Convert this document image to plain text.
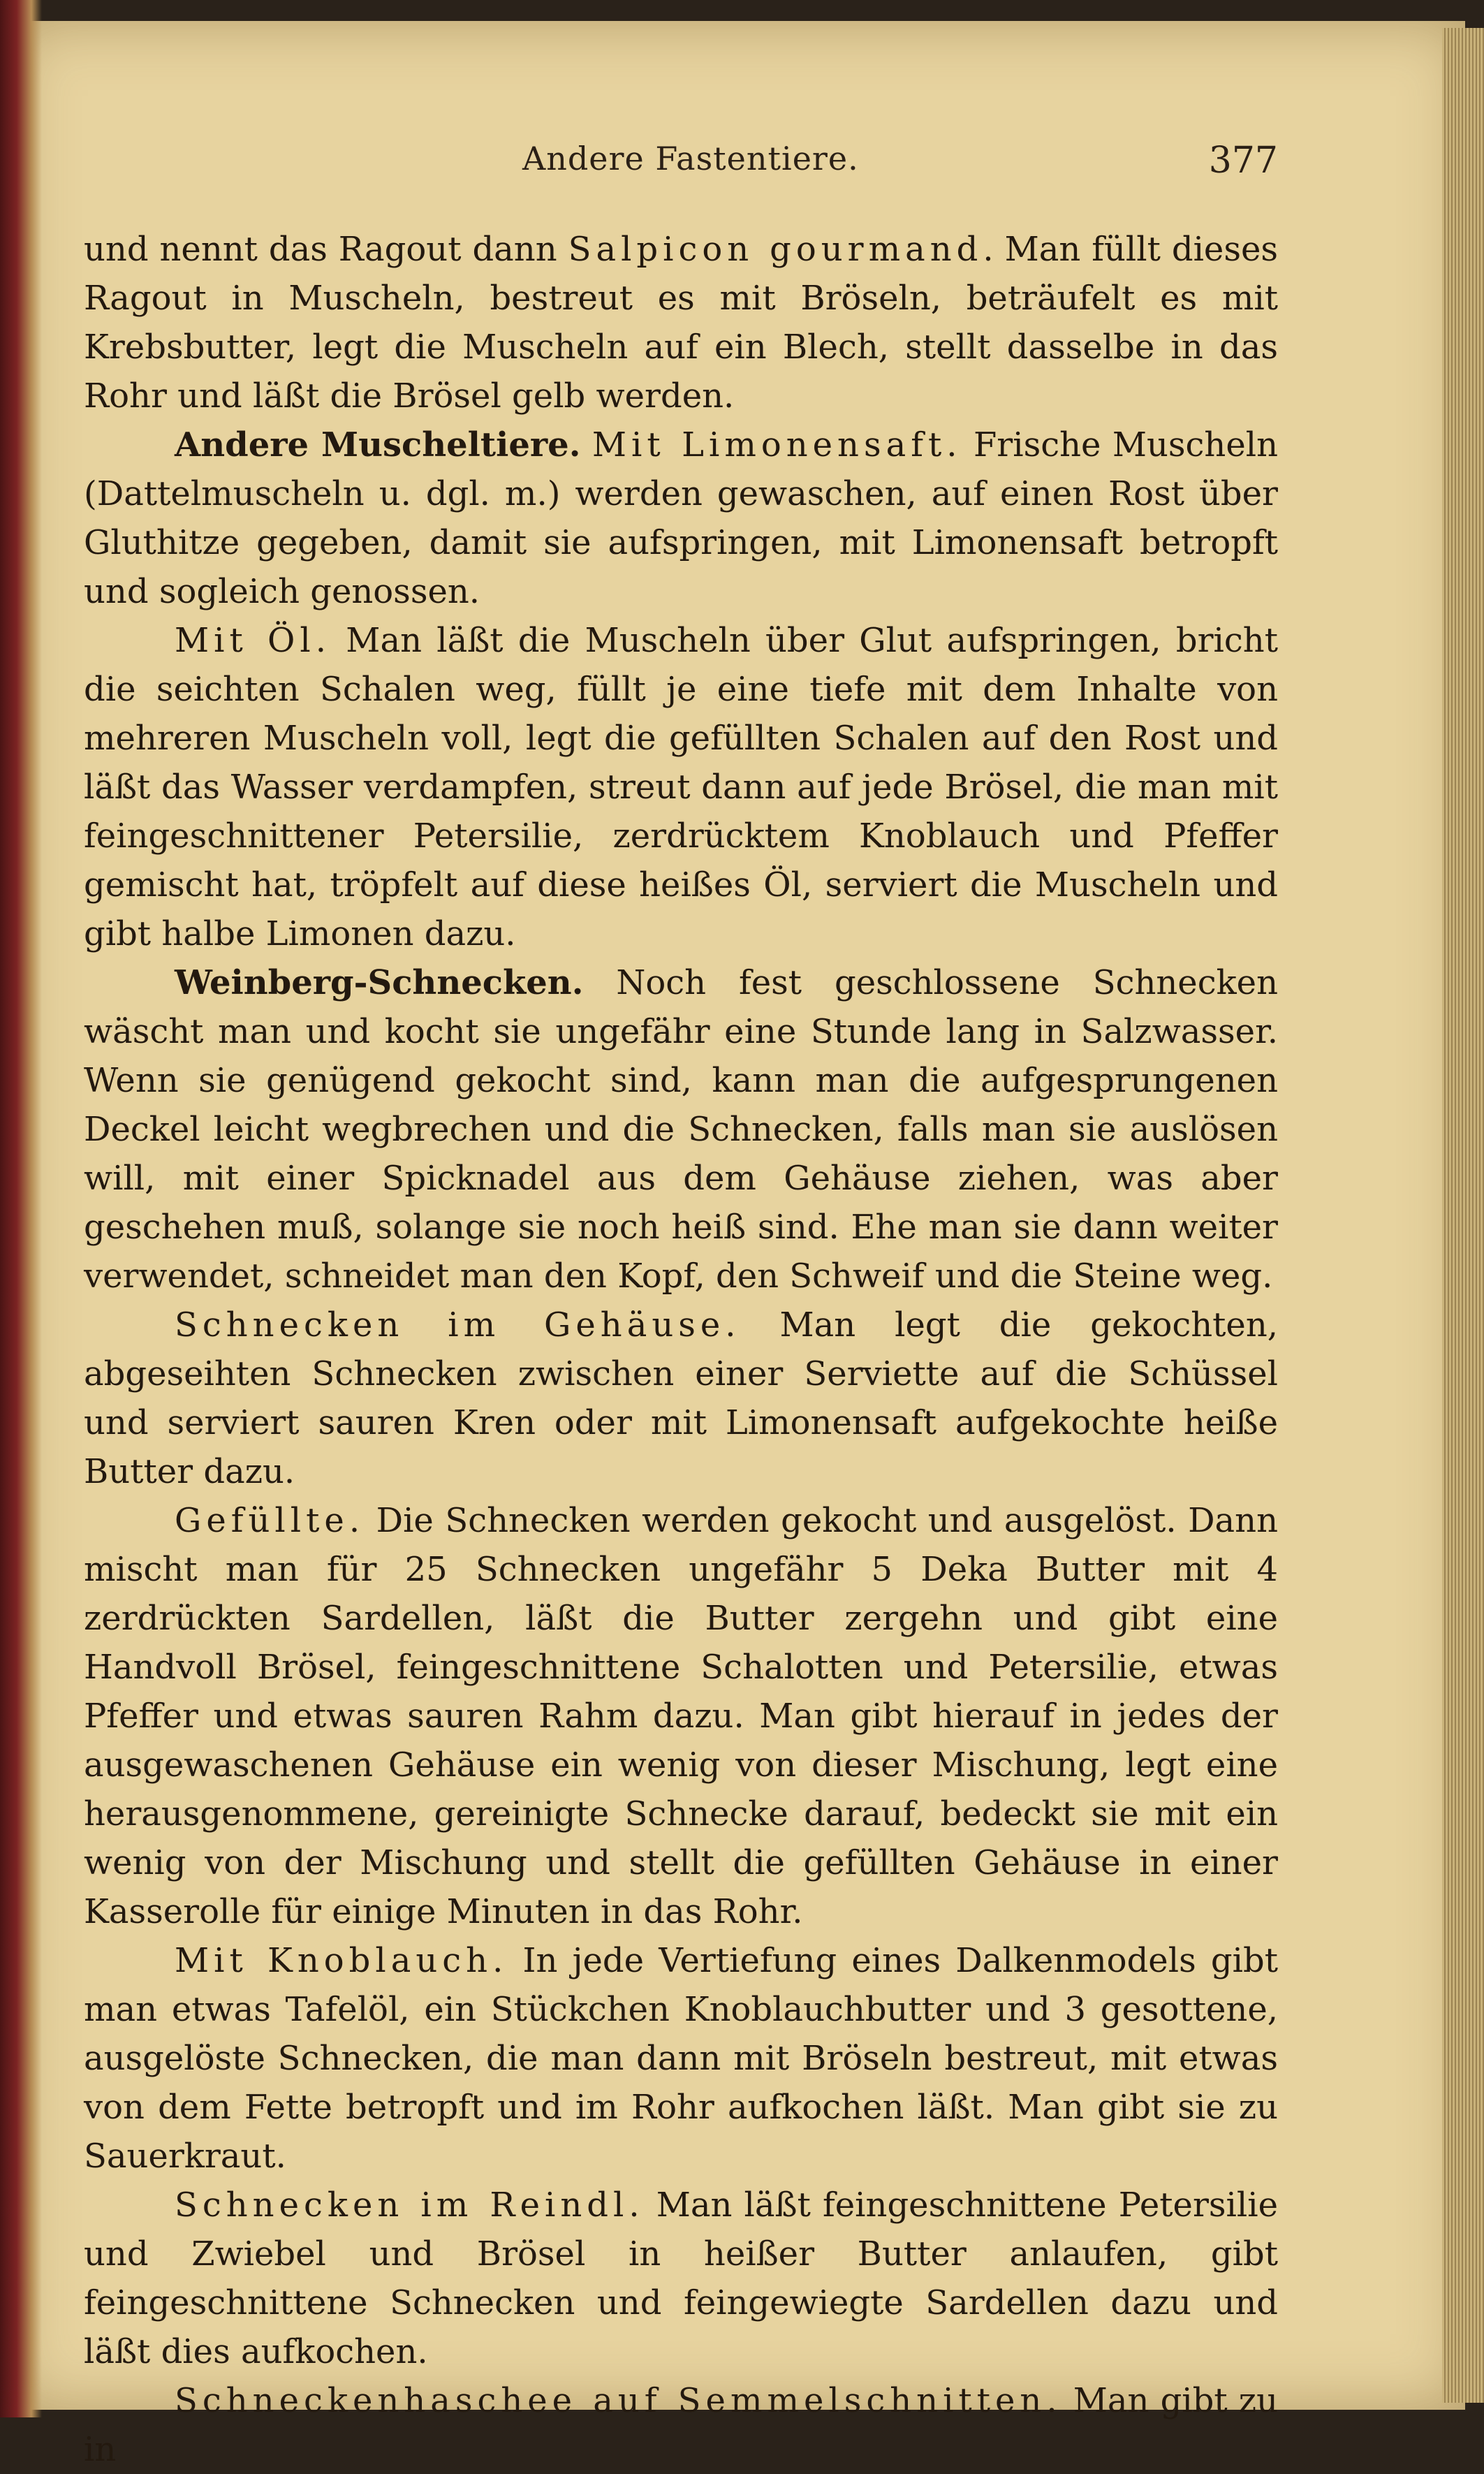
Andere Fastentiere.	377

und nennt das Ragout dann Salpicon gourmand. Man füllt dieses Ragout in Muscheln, bestreut es mit Bröseln, beträufelt es mit Krebsbutter, legt die Muscheln auf ein Blech, stellt dasselbe in das Rohr und läßt die Brösel gelb werden.

Andere Muscheltiere. Mit Limonensaft. Frische Muscheln (Dattelmuscheln u. dgl. m.) werden gewaschen, auf einen Rost über Gluthitze gegeben, damit sie aufspringen, mit Limonensaft betropft und sogleich genossen.

Mit Öl. Man läßt die Muscheln über Glut aufspringen, bricht die seichten Schalen weg, füllt je eine tiefe mit dem Inhalte von mehreren Muscheln voll, legt die gefüllten Schalen auf den Rost und läßt das Wasser verdampfen, streut dann auf jede Brösel, die man mit feingeschnittener Petersilie, zerdrücktem Knoblauch und Pfeffer gemischt hat, tröpfelt auf diese heißes Öl, serviert die Muscheln und gibt halbe Limonen dazu.

Weinberg-Schnecken. Noch fest geschlossene Schnecken wäscht man und kocht sie ungefähr eine Stunde lang in Salzwasser. Wenn sie genügend gekocht sind, kann man die aufgesprungenen Deckel leicht wegbrechen und die Schnecken, falls man sie auslösen will, mit einer Spicknadel aus dem Gehäuse ziehen, was aber geschehen muß, solange sie noch heiß sind. Ehe man sie dann weiter verwendet, schneidet man den Kopf, den Schweif und die Steine weg.

Schnecken im Gehäuse. Man legt die gekochten, abgeseihten Schnecken zwischen einer Serviette auf die Schüssel und serviert sauren Kren oder mit Limonensaft aufgekochte heiße Butter dazu.

Gefüllte. Die Schnecken werden gekocht und ausgelöst. Dann mischt man für 25 Schnecken ungefähr 5 Deka Butter mit 4 zerdrückten Sardellen, läßt die Butter zergehn und gibt eine Handvoll Brösel, feingeschnittene Schalotten und Petersilie, etwas Pfeffer und etwas sauren Rahm dazu. Man gibt hierauf in jedes der ausgewaschenen Gehäuse ein wenig von dieser Mischung, legt eine herausgenommene, gereinigte Schnecke darauf, bedeckt sie mit ein wenig von der Mischung und stellt die gefüllten Gehäuse in einer Kasserolle für einige Minuten in das Rohr.

Mit Knoblauch. In jede Vertiefung eines Dalkenmodels gibt man etwas Tafelöl, ein Stückchen Knoblauchbutter und 3 gesottene, ausgelöste Schnecken, die man dann mit Bröseln bestreut, mit etwas von dem Fette betropft und im Rohr aufkochen läßt. Man gibt sie zu Sauerkraut.

Schnecken im Reindl. Man läßt feingeschnittene Petersilie und Zwiebel und Brösel in heißer Butter anlaufen, gibt feingeschnittene Schnecken und feingewiegte Sardellen dazu und läßt dies aufkochen.

Schneckenhaschee auf Semmelschnitten. Man gibt zu in
